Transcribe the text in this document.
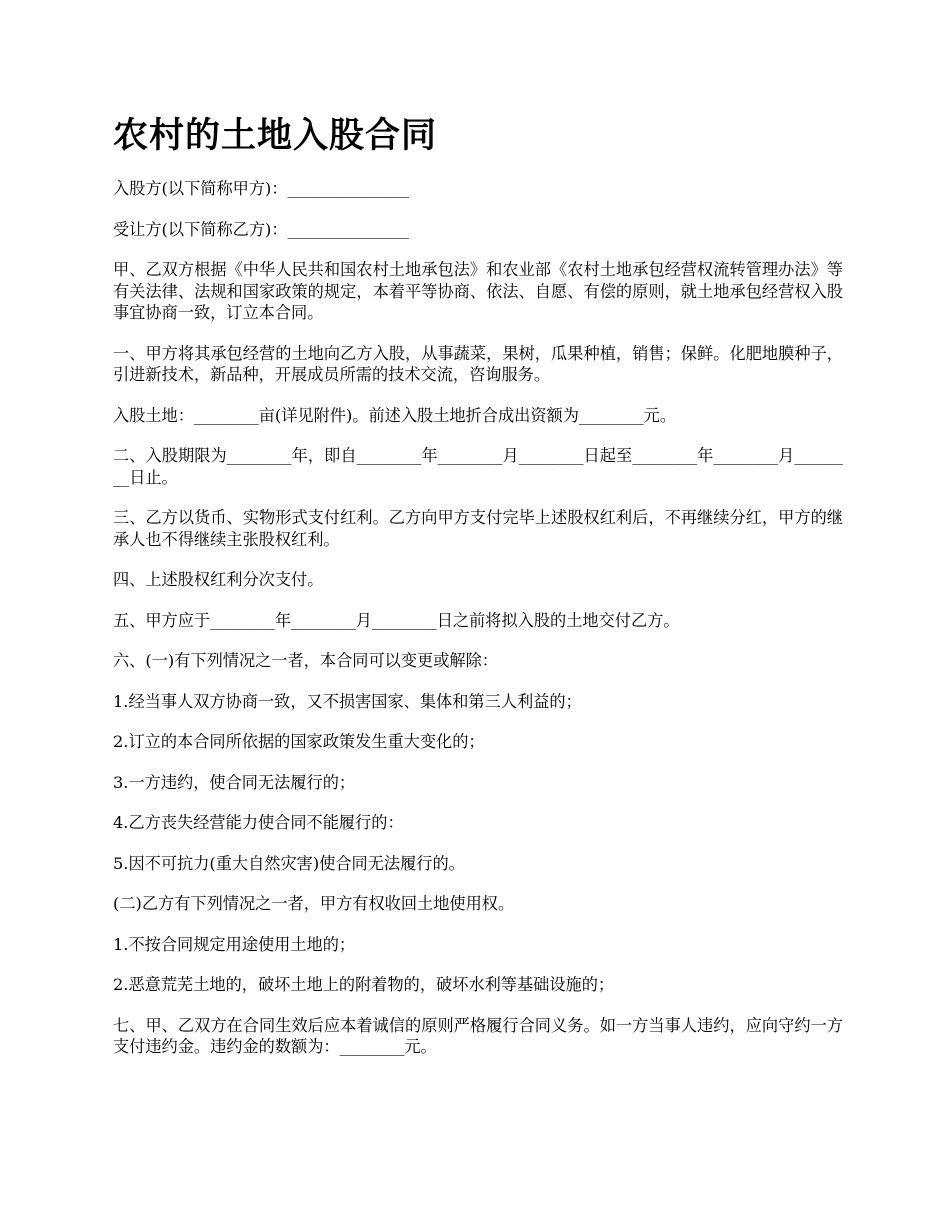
农村的土地入股合同

入股方(以下简称甲方)：_______________

受让方(以下简称乙方)：_______________

甲、乙双方根据《中华人民共和国农村土地承包法》和农业部《农村土地承包经营权流转管理办法》等有关法律、法规和国家政策的规定，本着平等协商、依法、自愿、有偿的原则，就土地承包经营权入股事宜协商一致，订立本合同。

一、甲方将其承包经营的土地向乙方入股，从事蔬菜，果树，瓜果种植，销售；保鲜。化肥地膜种子，引进新技术，新品种，开展成员所需的技术交流，咨询服务。

入股土地：________亩(详见附件)。前述入股土地折合成出资额为________元。

二、入股期限为________年，即自________年________月________日起至________年________月________日止。

三、乙方以货币、实物形式支付红利。乙方向甲方支付完毕上述股权红利后，不再继续分红，甲方的继承人也不得继续主张股权红利。

四、上述股权红利分次支付。

五、甲方应于________年________月________日之前将拟入股的土地交付乙方。

六、(一)有下列情况之一者，本合同可以变更或解除：

1.经当事人双方协商一致，又不损害国家、集体和第三人利益的；

2.订立的本合同所依据的国家政策发生重大变化的；

3.一方违约，使合同无法履行的；

4.乙方丧失经营能力使合同不能履行的：

5.因不可抗力(重大自然灾害)使合同无法履行的。

(二)乙方有下列情况之一者，甲方有权收回土地使用权。

1.不按合同规定用途使用土地的；

2.恶意荒芜土地的，破坏土地上的附着物的，破坏水利等基础设施的；

七、甲、乙双方在合同生效后应本着诚信的原则严格履行合同义务。如一方当事人违约，应向守约一方支付违约金。违约金的数额为：________元。
